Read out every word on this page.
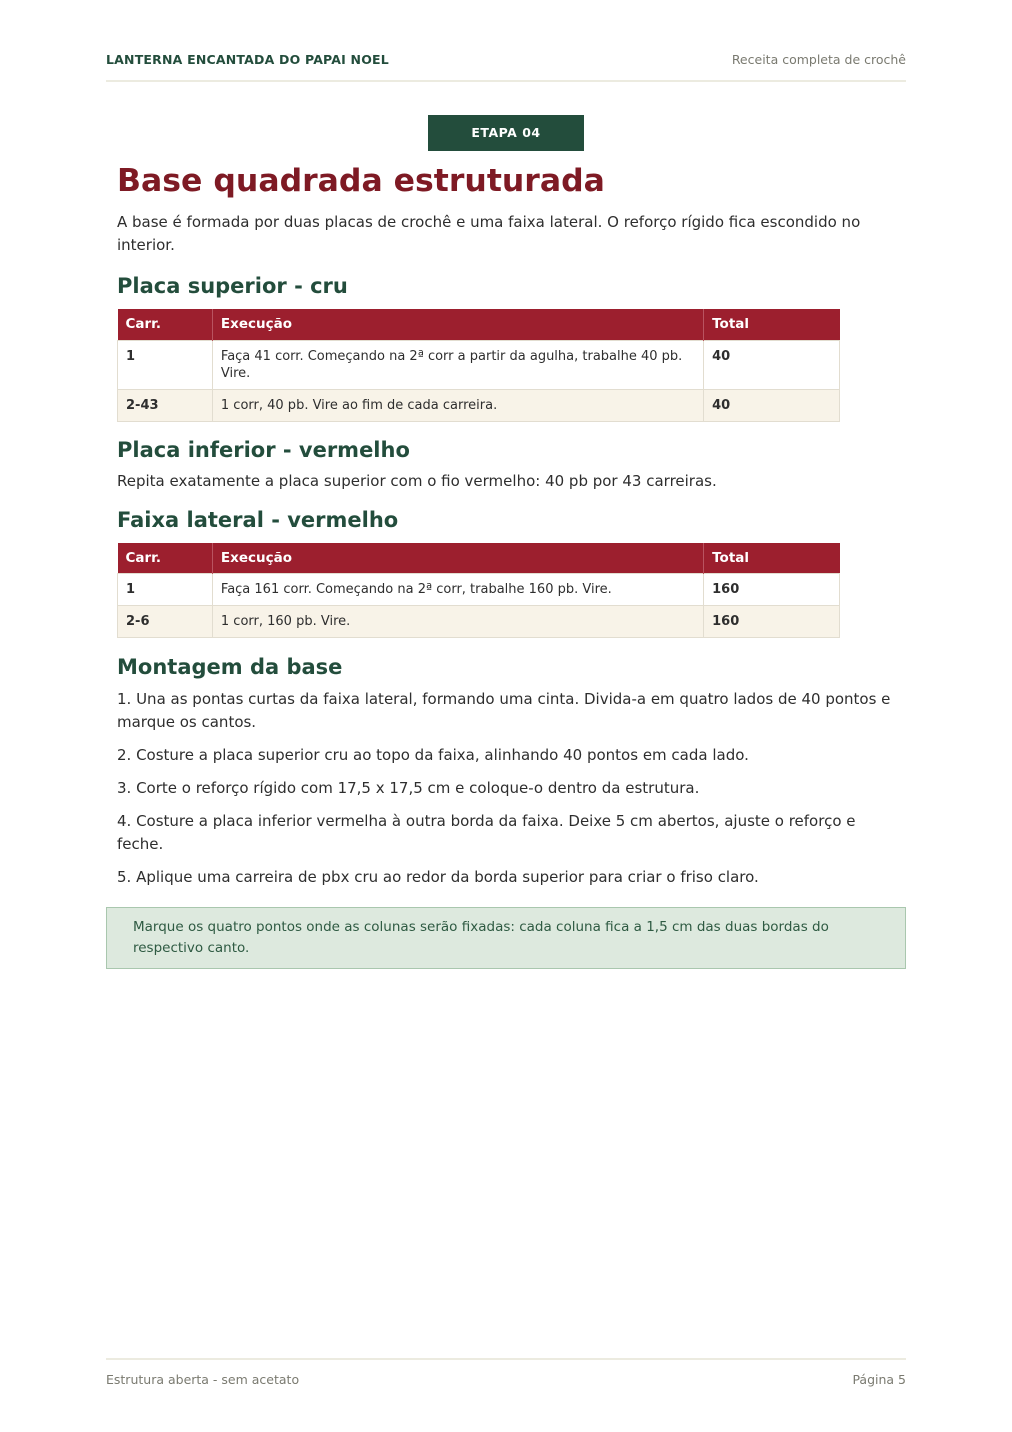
LANTERNA ENCANTADA DO PAPAI NOEL	Receita completa de crochê
ETAPA 04
Base quadrada estruturada

A base é formada por duas placas de crochê e uma faixa lateral. O reforço rígido fica escondido no interior.

Placa superior - cru
Carr.	Execução	Total
1	Faça 41 corr. Começando na 2ª corr a partir da agulha, trabalhe 40 pb. Vire.	40
2-43	1 corr, 40 pb. Vire ao fim de cada carreira.	40
Placa inferior - vermelho

Repita exatamente a placa superior com o fio vermelho: 40 pb por 43 carreiras.

Faixa lateral - vermelho
Carr.	Execução	Total
1	Faça 161 corr. Começando na 2ª corr, trabalhe 160 pb. Vire.	160
2-6	1 corr, 160 pb. Vire.	160
Montagem da base

1. Una as pontas curtas da faixa lateral, formando uma cinta. Divida-a em quatro lados de 40 pontos e marque os cantos.

2. Costure a placa superior cru ao topo da faixa, alinhando 40 pontos em cada lado.

3. Corte o reforço rígido com 17,5 x 17,5 cm e coloque-o dentro da estrutura.

4. Costure a placa inferior vermelha à outra borda da faixa. Deixe 5 cm abertos, ajuste o reforço e feche.

5. Aplique uma carreira de pbx cru ao redor da borda superior para criar o friso claro.

Marque os quatro pontos onde as colunas serão fixadas: cada coluna fica a 1,5 cm das duas bordas do respectivo canto.
Estrutura aberta - sem acetato	Página 5
